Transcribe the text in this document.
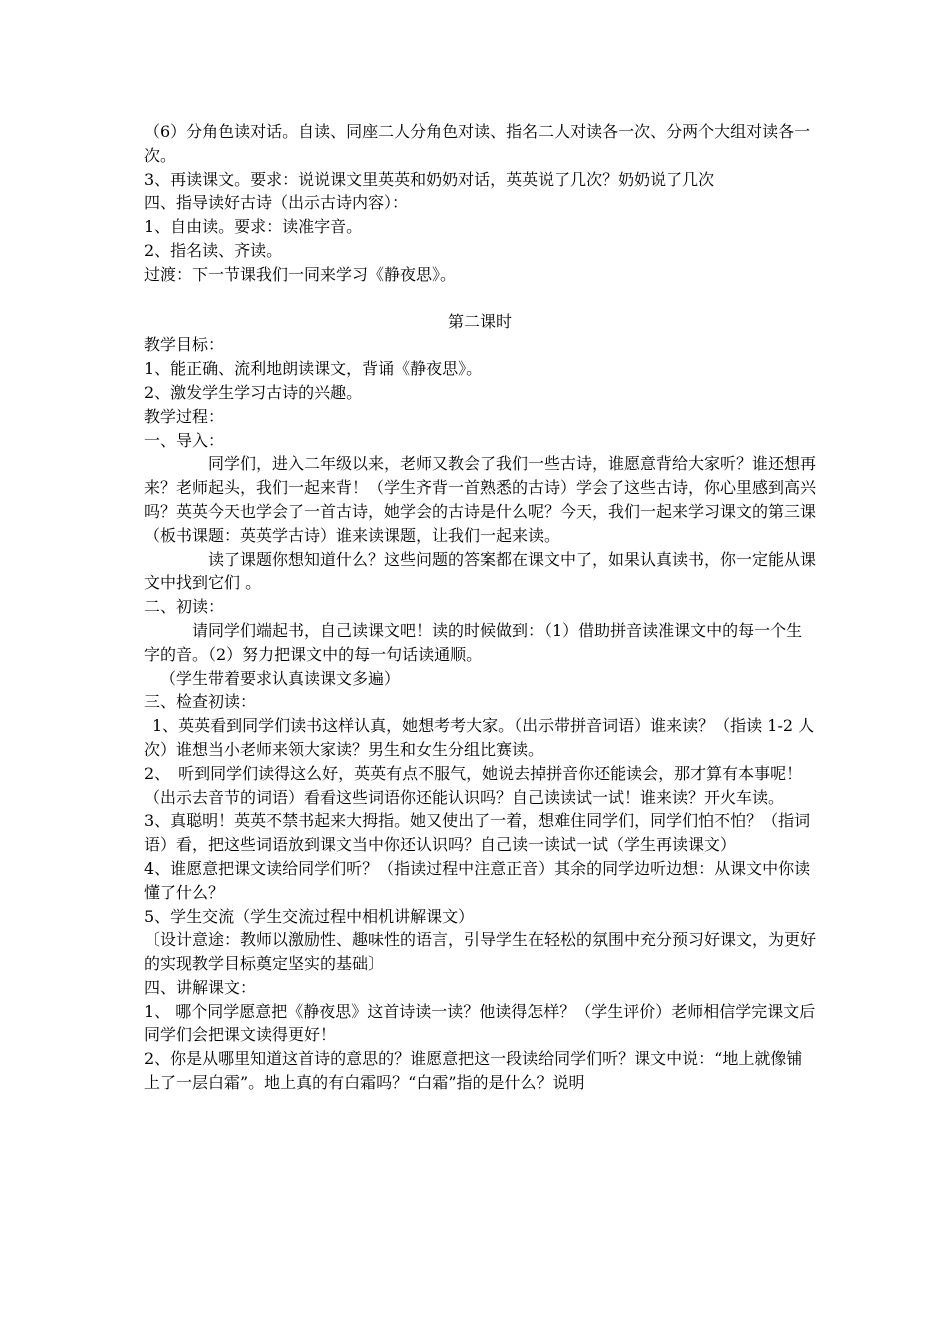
（6）分角色读对话。自读、同座二人分角色对读、指名二人对读各一次、分两个大组对读各一次。

3、再读课文。要求：说说课文里英英和奶奶对话，英英说了几次？奶奶说了几次

四、指导读好古诗（出示古诗内容）：

1、自由读。要求：读准字音。

2、指名读、齐读。

过渡：下一节课我们一同来学习《静夜思》。

第二课时

教学目标：

1、能正确、流利地朗读课文，背诵《静夜思》。

2、激发学生学习古诗的兴趣。

教学过程：

一、导入：

同学们，进入二年级以来，老师又教会了我们一些古诗，谁愿意背给大家听？谁还想再来？老师起头，我们一起来背！（学生齐背一首熟悉的古诗）学会了这些古诗，你心里感到高兴吗？英英今天也学会了一首古诗，她学会的古诗是什么呢？今天，我们一起来学习课文的第三课（板书课题：英英学古诗）谁来读课题，让我们一起来读。
读了课题你想知道什么？这些问题的答案都在课文中了，如果认真读书，你一定能从课文中找到它们 。

二、初读：

请同学们端起书，自己读课文吧！读的时候做到：（1）借助拼音读准课文中的每一个生字的音。（2）努力把课文中的每一句话读通顺。

（学生带着要求认真读课文多遍）

三、检查初读：

1、英英看到同学们读书这样认真，她想考考大家。（出示带拼音词语）谁来读？（指读 1-2 人次）谁想当小老师来领大家读？男生和女生分组比赛读。

2、　听到同学们读得这么好，英英有点不服气，她说去掉拼音你还能读会，那才算有本事呢！（出示去音节的词语）看看这些词语你还能认识吗？自己读读试一试！谁来读？开火车读。

3、真聪明！英英不禁书起来大拇指。她又使出了一着，想难住同学们，同学们怕不怕？（指词语）看，把这些词语放到课文当中你还认识吗？自己读一读试一试（学生再读课文）

4、谁愿意把课文读给同学们听？（指读过程中注意正音）其余的同学边听边想：从课文中你读懂了什么？

5、学生交流（学生交流过程中相机讲解课文）

〔设计意途：教师以激励性、趣味性的语言，引导学生在轻松的氛围中充分预习好课文，为更好的实现教学目标奠定坚实的基础〕

四、讲解课文：

1、 哪个同学愿意把《静夜思》这首诗读一读？他读得怎样？（学生评价）老师相信学完课文后同学们会把课文读得更好！

2、你是从哪里知道这首诗的意思的？谁愿意把这一段读给同学们听？课文中说：“地上就像铺上了一层白霜”。地上真的有白霜吗？“白霜”指的是什么？说明
